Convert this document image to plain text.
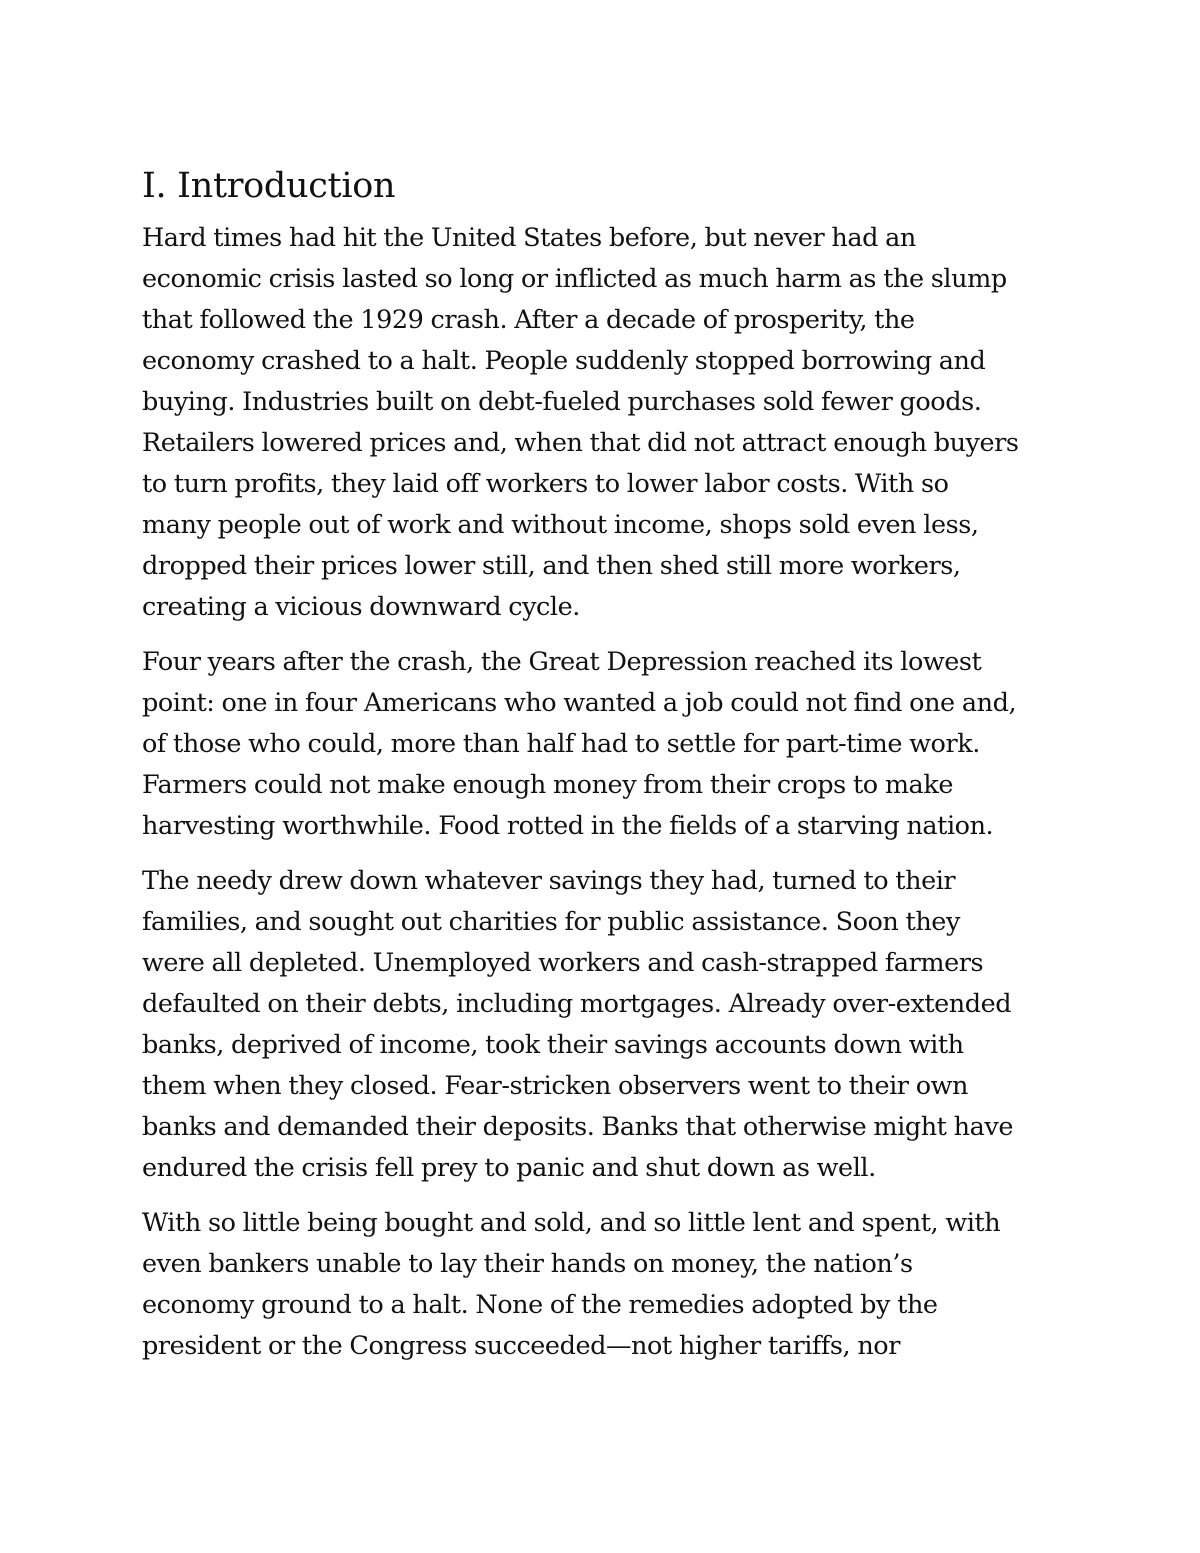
I. Introduction

Hard times had hit the United States before, but never had an
economic crisis lasted so long or inflicted as much harm as the slump
that followed the 1929 crash. After a decade of prosperity, the
economy crashed to a halt. People suddenly stopped borrowing and
buying. Industries built on debt-fueled purchases sold fewer goods.
Retailers lowered prices and, when that did not attract enough buyers
to turn profits, they laid off workers to lower labor costs. With so
many people out of work and without income, shops sold even less,
dropped their prices lower still, and then shed still more workers,
creating a vicious downward cycle.

Four years after the crash, the Great Depression reached its lowest
point: one in four Americans who wanted a job could not find one and,
of those who could, more than half had to settle for part-time work.
Farmers could not make enough money from their crops to make
harvesting worthwhile. Food rotted in the fields of a starving nation.

The needy drew down whatever savings they had, turned to their
families, and sought out charities for public assistance. Soon they
were all depleted. Unemployed workers and cash-strapped farmers
defaulted on their debts, including mortgages. Already over-extended
banks, deprived of income, took their savings accounts down with
them when they closed. Fear-stricken observers went to their own
banks and demanded their deposits. Banks that otherwise might have
endured the crisis fell prey to panic and shut down as well.

With so little being bought and sold, and so little lent and spent, with
even bankers unable to lay their hands on money, the nation’s
economy ground to a halt. None of the remedies adopted by the
president or the Congress succeeded—not higher tariffs, nor
